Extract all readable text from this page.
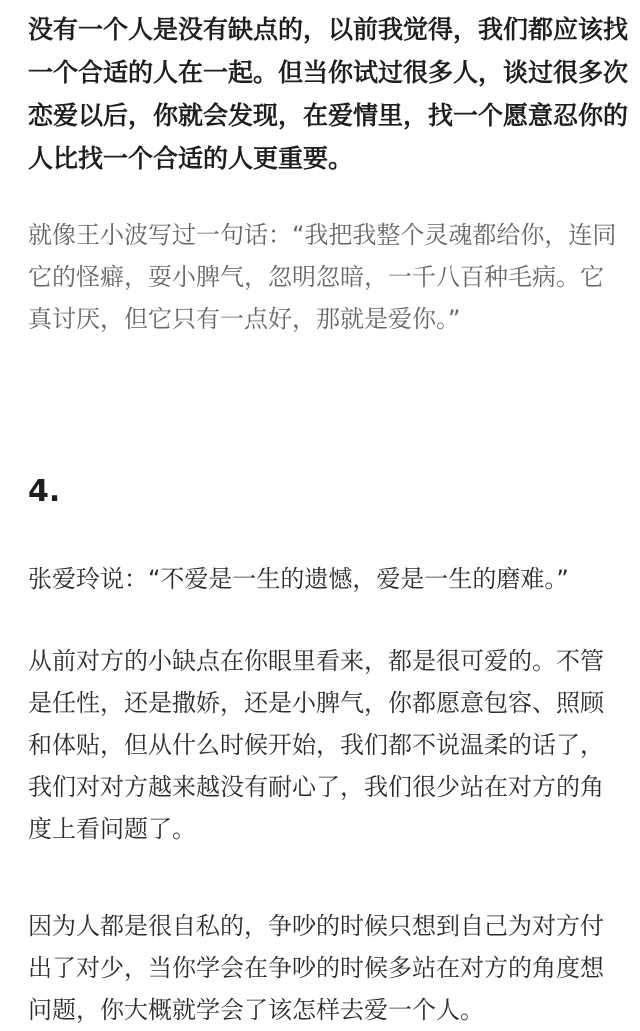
没有一个人是没有缺点的，以前我觉得，我们都应该找
一个合适的人在一起。但当你试过很多人，谈过很多次
恋爱以后，你就会发现，在爱情里，找一个愿意忍你的
人比找一个合适的人更重要。

就像王小波写过一句话：“我把我整个灵魂都给你，连同
它的怪癖，耍小脾气，忽明忽暗，一千八百种毛病。它
真讨厌，但它只有一点好，那就是爱你。”

4.

张爱玲说：“不爱是一生的遗憾，爱是一生的磨难。”

从前对方的小缺点在你眼里看来，都是很可爱的。不管
是任性，还是撒娇，还是小脾气，你都愿意包容、照顾
和体贴，但从什么时候开始，我们都不说温柔的话了，
我们对对方越来越没有耐心了，我们很少站在对方的角
度上看问题了。

因为人都是很自私的，争吵的时候只想到自己为对方付
出了对少，当你学会在争吵的时候多站在对方的角度想
问题，你大概就学会了该怎样去爱一个人。
